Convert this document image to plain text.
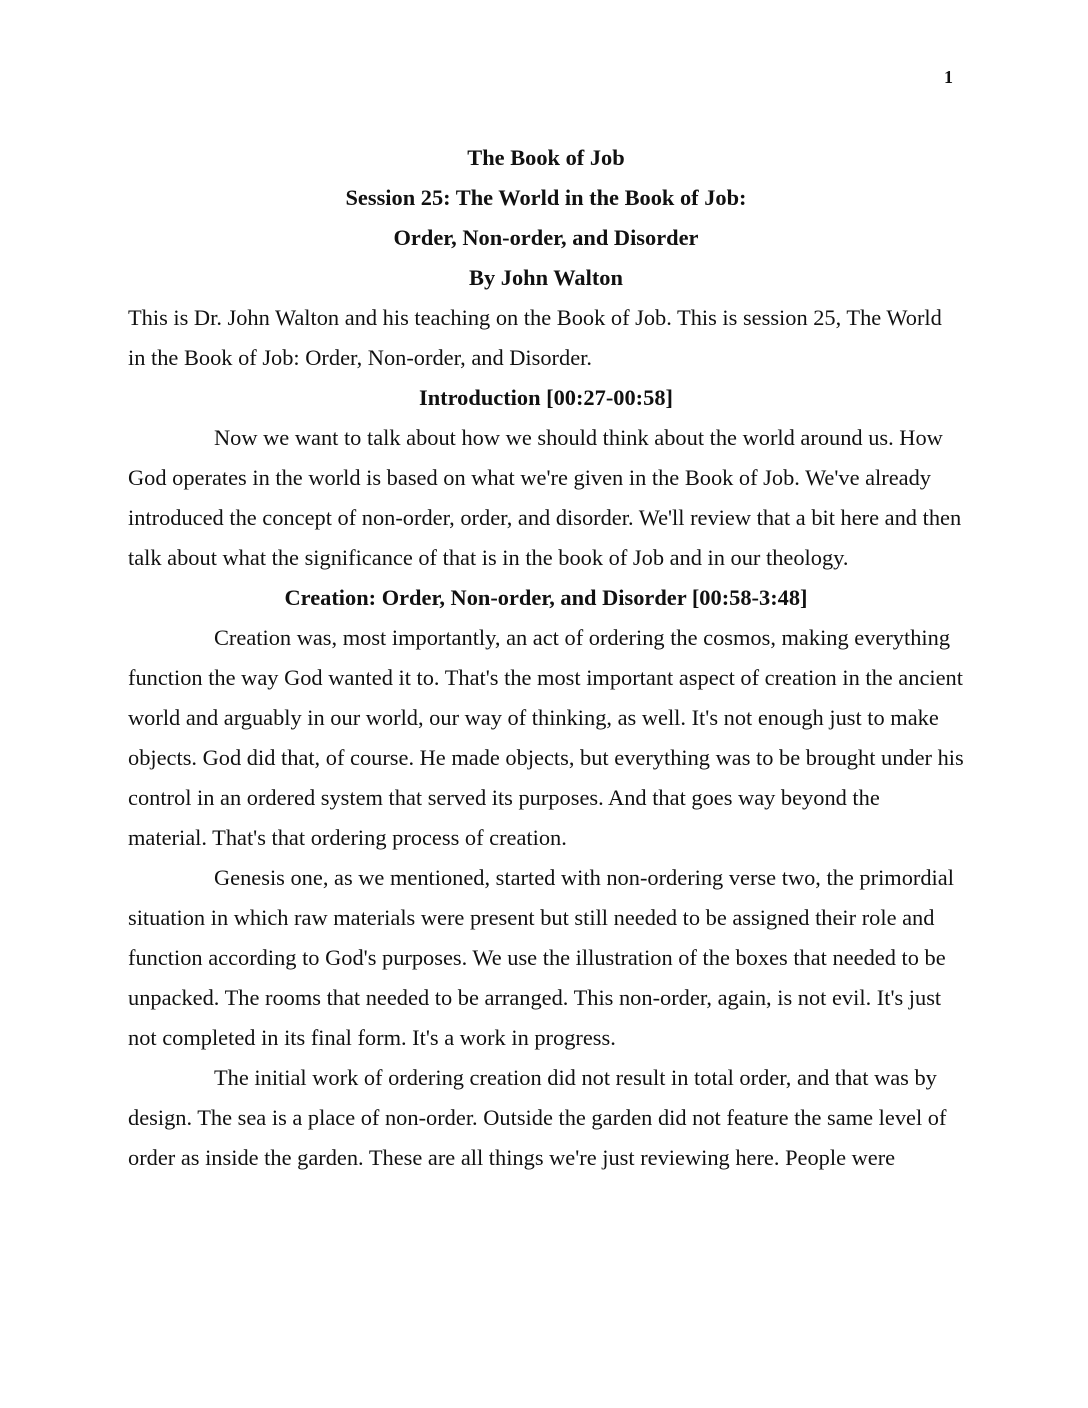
1

The Book of Job

Session 25: The World in the Book of Job:

Order, Non-order, and Disorder

By John Walton

This is Dr. John Walton and his teaching on the Book of Job. This is session 25, The World in the Book of Job: Order, Non-order, and Disorder.

Introduction [00:27-00:58]

Now we want to talk about how we should think about the world around us. How God operates in the world is based on what we're given in the Book of Job. We've already introduced the concept of non-order, order, and disorder. We'll review that a bit here and then talk about what the significance of that is in the book of Job and in our theology.

Creation: Order, Non-order, and Disorder [00:58-3:48]

Creation was, most importantly, an act of ordering the cosmos, making everything function the way God wanted it to. That's the most important aspect of creation in the ancient world and arguably in our world, our way of thinking, as well. It's not enough just to make objects. God did that, of course. He made objects, but everything was to be brought under his control in an ordered system that served its purposes. And that goes way beyond the material. That's that ordering process of creation.

Genesis one, as we mentioned, started with non-ordering verse two, the primordial situation in which raw materials were present but still needed to be assigned their role and function according to God's purposes. We use the illustration of the boxes that needed to be unpacked. The rooms that needed to be arranged. This non-order, again, is not evil. It's just not completed in its final form. It's a work in progress.

The initial work of ordering creation did not result in total order, and that was by design. The sea is a place of non-order. Outside the garden did not feature the same level of order as inside the garden. These are all things we're just reviewing here. People were
